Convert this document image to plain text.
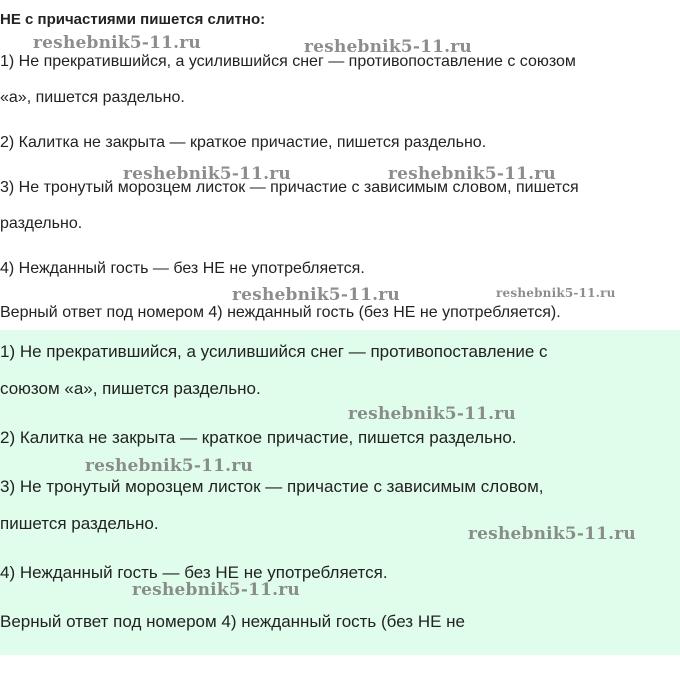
НЕ с причастиями пишется слитно:
1) Не прекратившийся, а усилившийся снег — противопоставление с союзом
«а», пишется раздельно.
2) Калитка не закрыта — краткое причастие, пишется раздельно.
3) Не тронутый морозцем листок — причастие с зависимым словом, пишется
раздельно.
4) Нежданный гость — без НЕ не употребляется.
Верный ответ под номером 4) нежданный гость (без НЕ не употребляется).
1) Не прекратившийся, а усилившийся снег — противопоставление с
союзом «а», пишется раздельно.
2) Калитка не закрыта — краткое причастие, пишется раздельно.
3) Не тронутый морозцем листок — причастие с зависимым словом,
пишется раздельно.
4) Нежданный гость — без НЕ не употребляется.
Верный ответ под номером 4) нежданный гость (без НЕ не
reshebnik5-11.ru	reshebnik5-11.ru
reshebnik5-11.ru	reshebnik5-11.ru
reshebnik5-11.ru	reshebnik5-11.ru
reshebnik5-11.ru
reshebnik5-11.ru
reshebnik5-11.ru
reshebnik5-11.ru
